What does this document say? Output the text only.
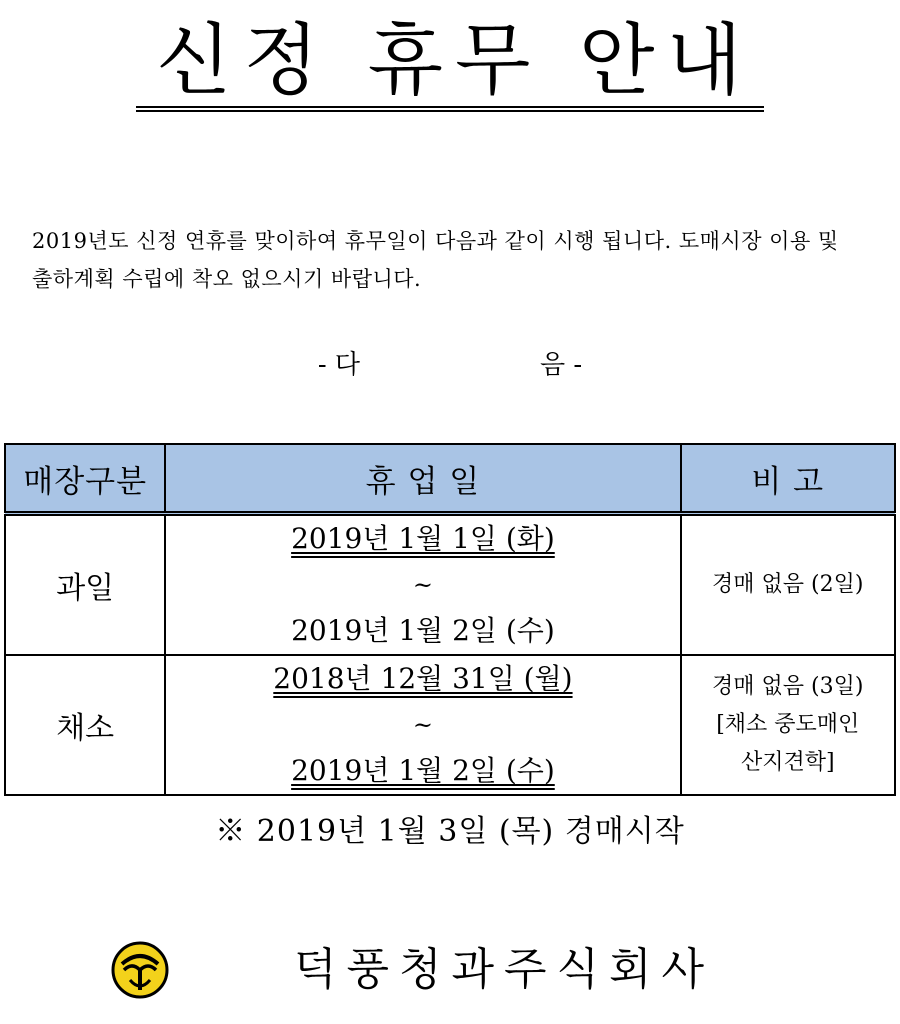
신정 휴무 안내

2019년도 신정 연휴를 맞이하여 휴무일이 다음과 같이 시행 됩니다. 도매시장 이용 및

출하계획 수립에 착오 없으시기 바랍니다.

- 다	음 -
매장구분	휴 업 일	비 고
과일	2019년 1월 1일 (화)
~
2019년 1월 2일 (수)	경매 없음 (2일)
채소	2018년 12월 31일 (월)
~
2019년 1월 2일 (수)	경매 없음 (3일)
[채소 중도매인
산지견학]
※ 2019년 1월 3일 (목) 경매시작
덕풍청과주식회사
